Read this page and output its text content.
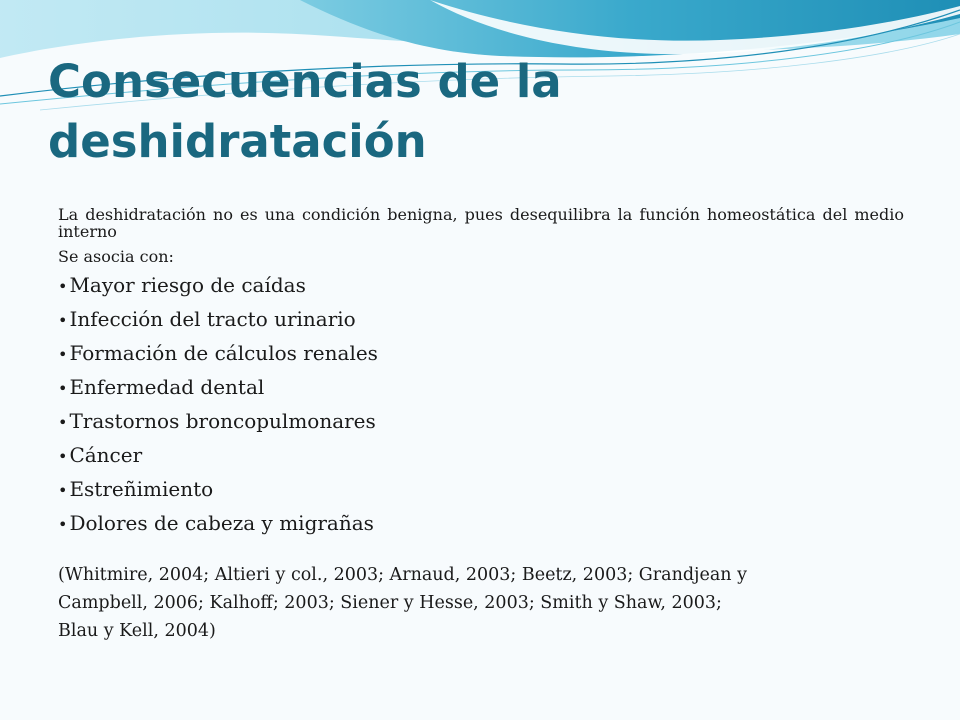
Consecuencias de la
deshidratación

La deshidratación no es una condición benigna, pues desequilibra la función homeostática del medio interno

Se asocia con:

• Mayor riesgo de caídas
• Infección del tracto urinario
• Formación de cálculos renales
• Enfermedad dental
• Trastornos broncopulmonares
• Cáncer
• Estreñimiento
• Dolores de cabeza y migrañas

(Whitmire, 2004; Altieri y col., 2003; Arnaud, 2003; Beetz, 2003; Grandjean y
Campbell, 2006; Kalhoff; 2003; Siener y Hesse, 2003; Smith y Shaw, 2003;
Blau y Kell, 2004)
